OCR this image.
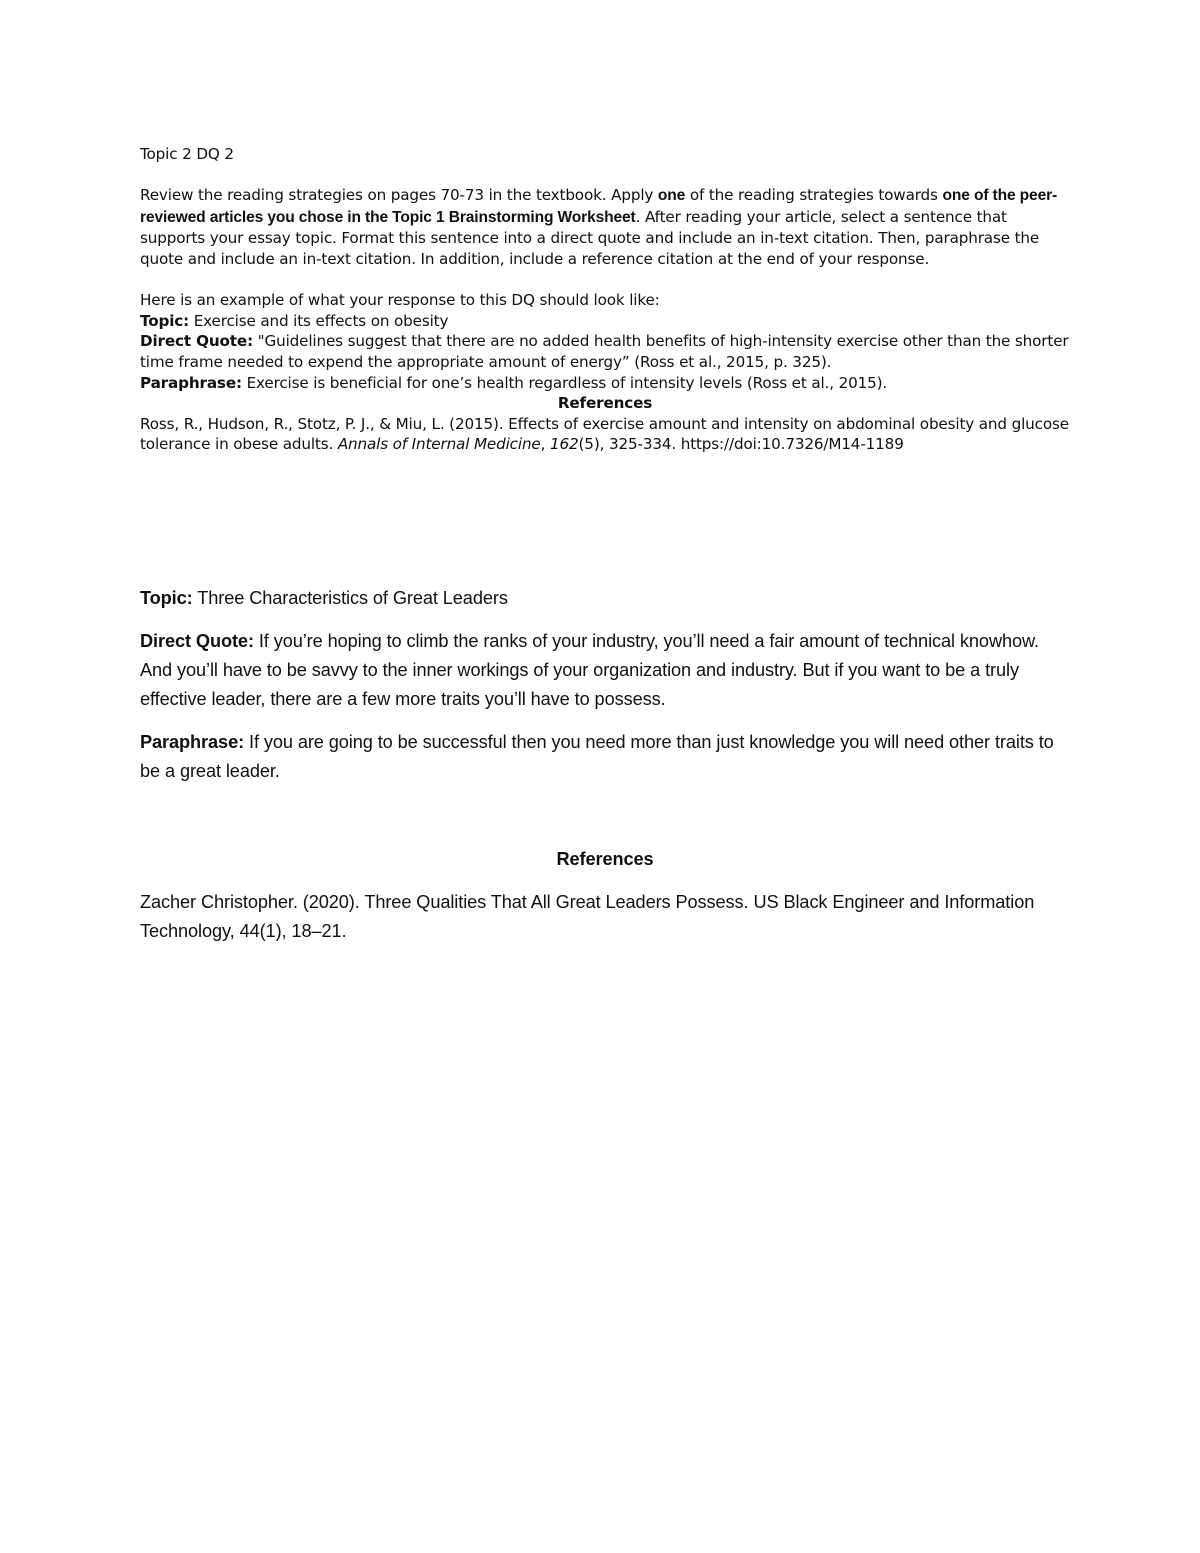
Topic 2 DQ 2

Review the reading strategies on pages 70-73 in the textbook. Apply one of the reading strategies towards one of the peer-reviewed articles you chose in the Topic 1 Brainstorming Worksheet. After reading your article, select a sentence that supports your essay topic. Format this sentence into a direct quote and include an in-text citation. Then, paraphrase the quote and include an in-text citation. In addition, include a reference citation at the end of your response.

Here is an example of what your response to this DQ should look like:

Topic: Exercise and its effects on obesity

Direct Quote: "Guidelines suggest that there are no added health benefits of high-intensity exercise other than the shorter time frame needed to expend the appropriate amount of energy” (Ross et al., 2015, p. 325).

Paraphrase: Exercise is beneficial for one’s health regardless of intensity levels (Ross et al., 2015).

References

Ross, R., Hudson, R., Stotz, P. J., & Miu, L. (2015). Effects of exercise amount and intensity on abdominal obesity and glucose tolerance in obese adults. Annals of Internal Medicine, 162(5), 325-334. https://doi:10.7326/M14-1189

Topic: Three Characteristics of Great Leaders

Direct Quote: If you’re hoping to climb the ranks of your industry, you’ll need a fair amount of technical knowhow. And you’ll have to be savvy to the inner workings of your organization and industry. But if you want to be a truly effective leader, there are a few more traits you’ll have to possess.

Paraphrase: If you are going to be successful then you need more than just knowledge you will need other traits to be a great leader.

References

Zacher Christopher. (2020). Three Qualities That All Great Leaders Possess. US Black Engineer and Information Technology, 44(1), 18–21.
